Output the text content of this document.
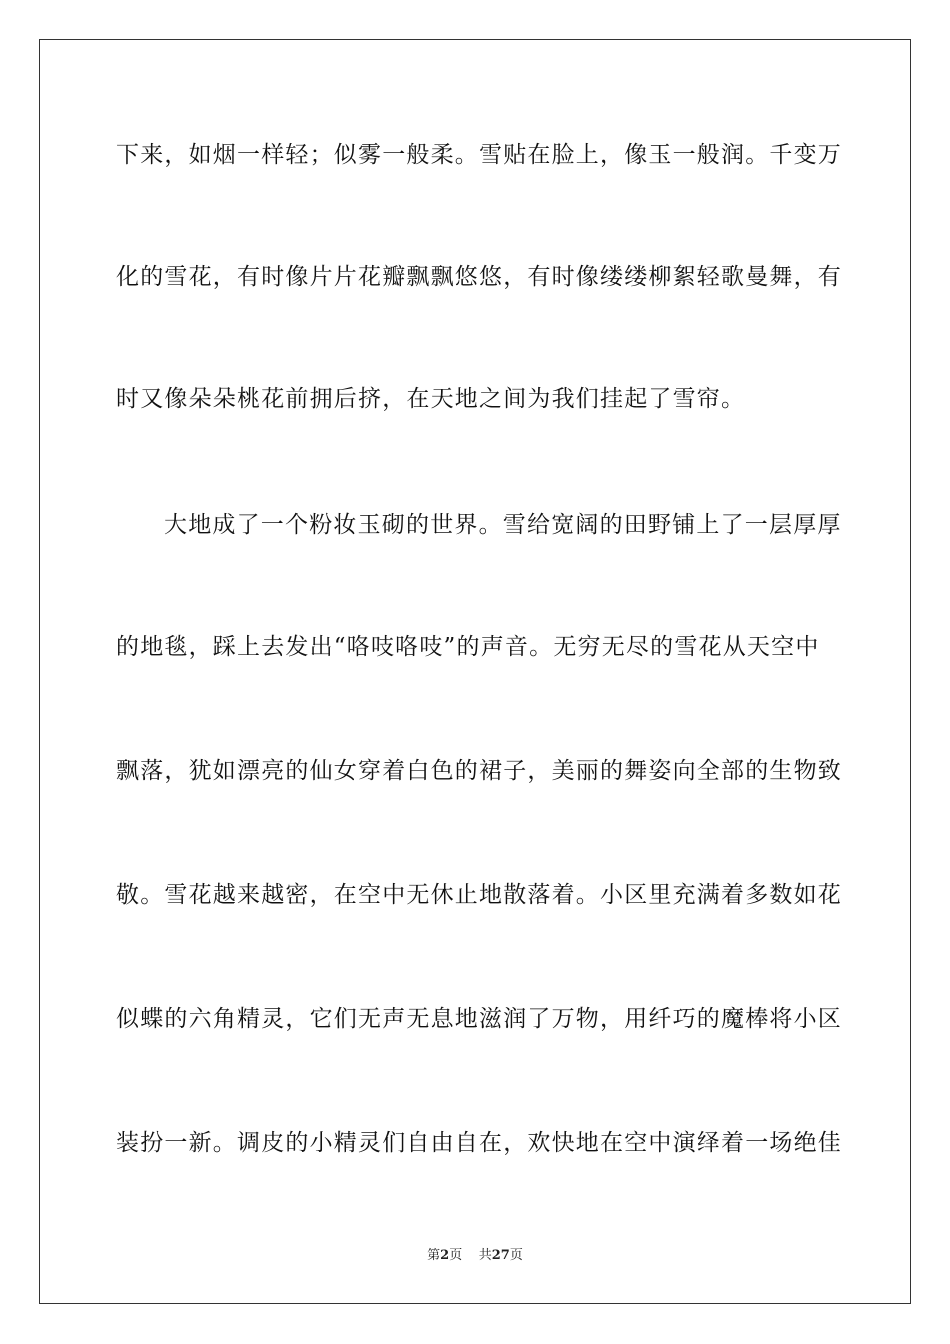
下来，如烟一样轻；似雾一般柔。雪贴在脸上，像玉一般润。千变万
化的雪花，有时像片片花瓣飘飘悠悠，有时像缕缕柳絮轻歌曼舞，有
时又像朵朵桃花前拥后挤，在天地之间为我们挂起了雪帘。
大地成了一个粉妆玉砌的世界。雪给宽阔的田野铺上了一层厚厚
的地毯，踩上去发出“咯吱咯吱”的声音。无穷无尽的雪花从天空中
飘落，犹如漂亮的仙女穿着白色的裙子，美丽的舞姿向全部的生物致
敬。雪花越来越密，在空中无休止地散落着。小区里充满着多数如花
似蝶的六角精灵，它们无声无息地滋润了万物，用纤巧的魔棒将小区
装扮一新。调皮的小精灵们自由自在，欢快地在空中演绎着一场绝佳
第2页 共27页
